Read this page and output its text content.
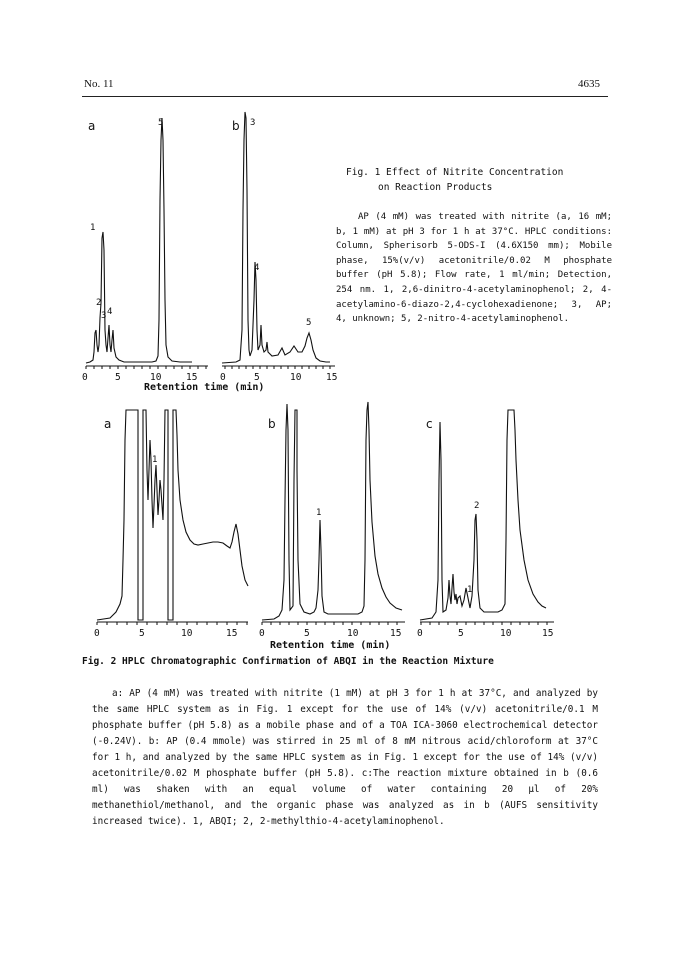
No. 11	4635
a	5
1
2
3 4
0	5	10	15
b 3
4
5
0	5	10	15
Retention time (min)
a
1
0	5	10	15
b
1
0	5	10	15
c
2
1
0	5	10	15
Retention time (min)
Fig. 1 Effect of Nitrite Concentration
on Reaction Products
AP (4 mM) was treated with nitrite (a, 16 mM; b, 1 mM) at pH 3 for 1 h at 37°C. HPLC conditions: Column, Spherisorb 5-ODS-I (4.6X150 mm); Mobile phase, 15%(v/v) acetonitrile/0.02 M phosphate buffer (pH 5.8); Flow rate, 1 ml/min; Detection, 254 nm. 1, 2,6-dinitro-4-acetylaminophenol; 2, 4-acetylamino-6-diazo-2,4-cyclohexadienone; 3, AP; 4, unknown; 5, 2-nitro-4-acetylaminophenol.
Fig. 2 HPLC Chromatographic Confirmation of ABQI in the Reaction Mixture
a: AP (4 mM) was treated with nitrite (1 mM) at pH 3 for 1 h at 37°C, and analyzed by the same HPLC system as in Fig. 1 except for the use of 14% (v/v) acetonitrile/0.1 M phosphate buffer (pH 5.8) as a mobile phase and of a TOA ICA-3060 electrochemical detector (-0.24V). b: AP (0.4 mmole) was stirred in 25 ml of 8 mM nitrous acid/chloroform at 37°C for 1 h, and analyzed by the same HPLC system as in Fig. 1 except for the use of 14% (v/v) acetonitrile/0.02 M phosphate buffer (pH 5.8). c:The reaction mixture obtained in b (0.6 ml) was shaken with an equal volume of water containing 20 µl of 20% methanethiol/methanol, and the organic phase was analyzed as in b (AUFS sensitivity increased twice). 1, ABQI; 2, 2-methylthio-4-acetylaminophenol.
